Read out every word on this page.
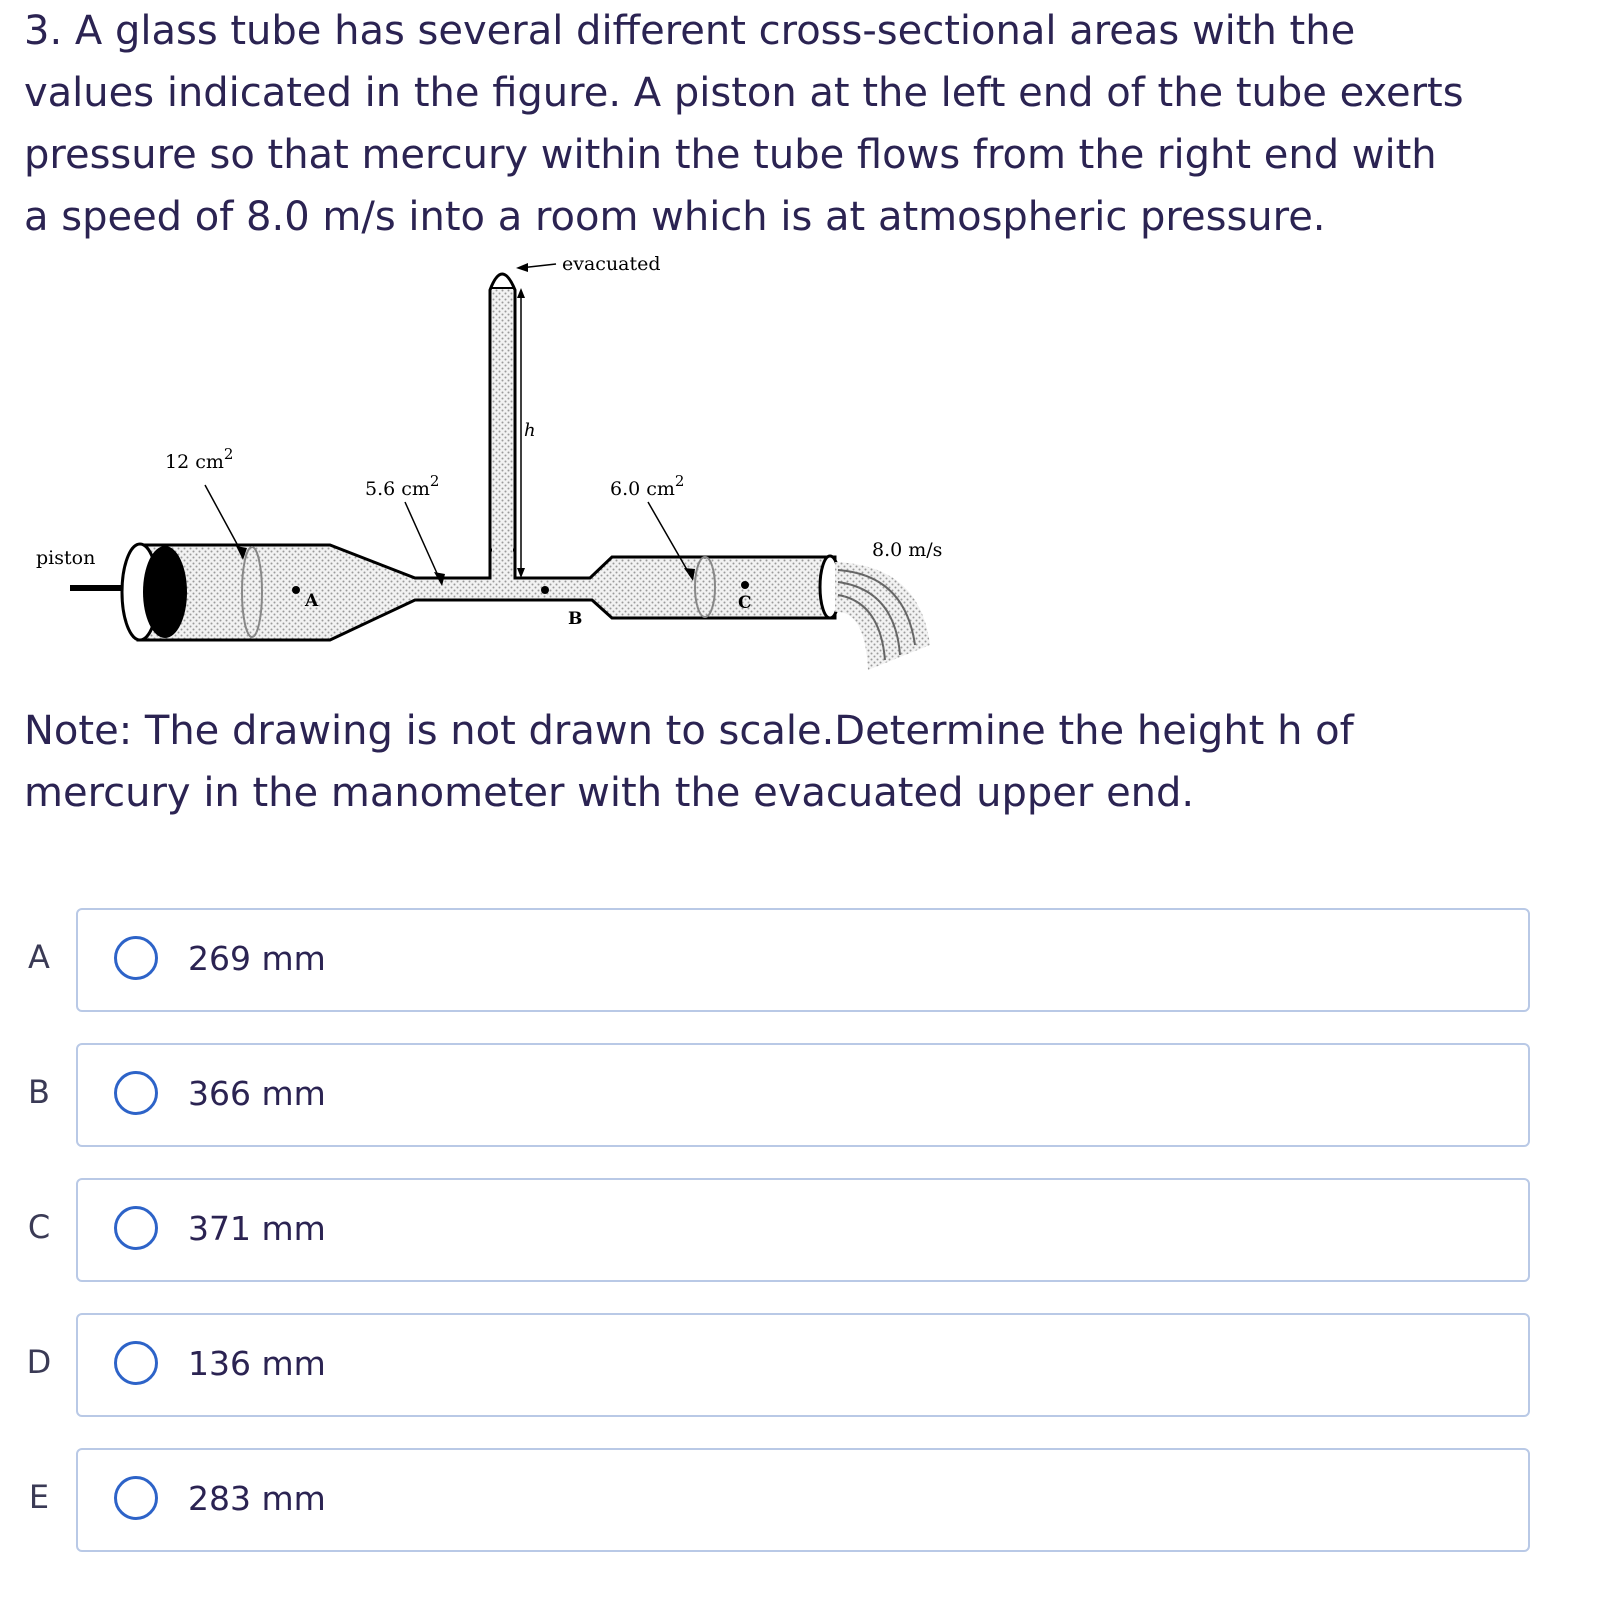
3. A glass tube has several different cross-sectional areas with the
values indicated in the figure. A piston at the left end of the tube exerts
pressure so that mercury within the tube flows from the right end with
a speed of 8.0 m/s into a room which is at atmospheric pressure.
evacuated
h
12 $cm^2$
5.6 $cm^2$	6.0 $cm^2$
piston	8.0 m/s
A
B
C
Note: The drawing is not drawn to scale.Determine the height h of
mercury in the manometer with the evacuated upper end.
A	269 mm
B	366 mm
C	371 mm
D	136 mm
E	283 mm
